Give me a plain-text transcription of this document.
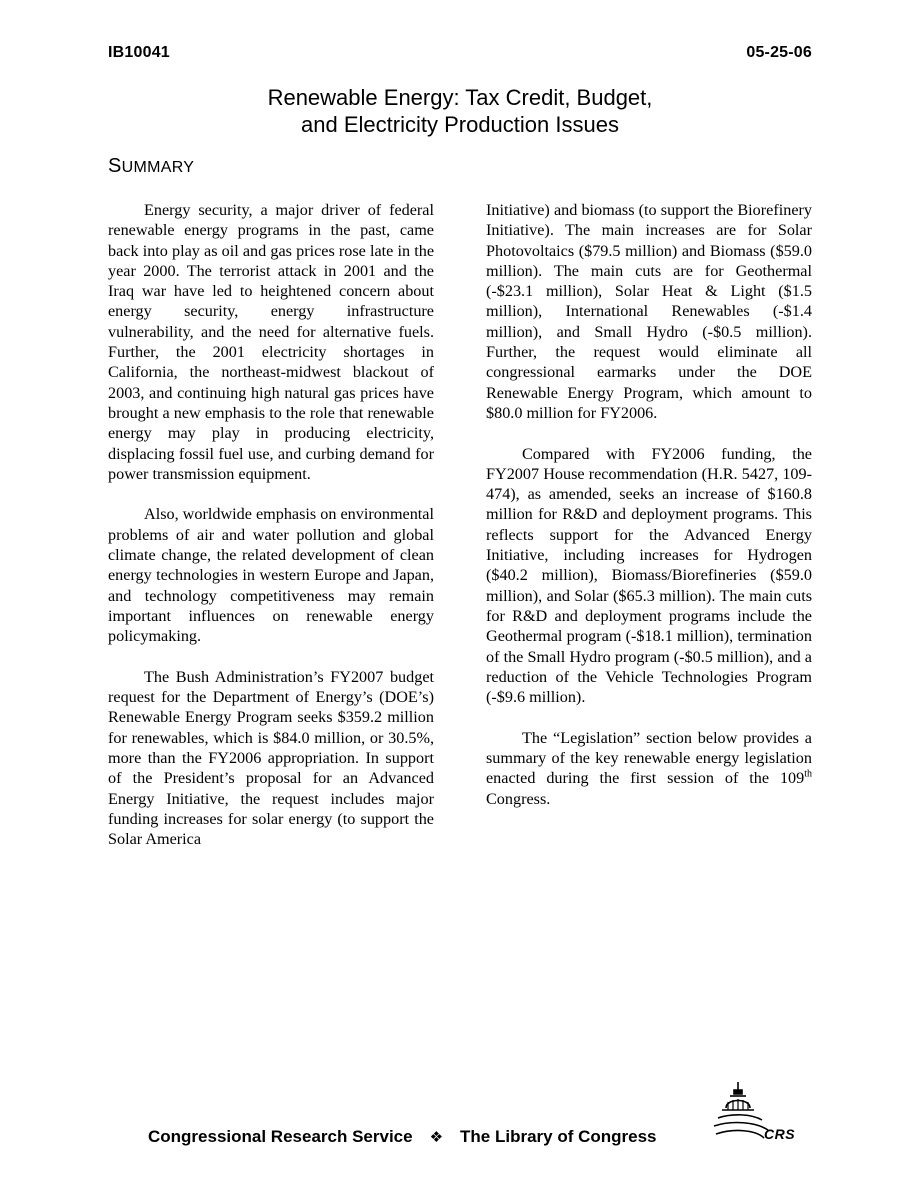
IB10041	05-25-06
Renewable Energy: Tax Credit, Budget,
and Electricity Production Issues
SUMMARY

Energy security, a major driver of federal renewable energy programs in the past, came back into play as oil and gas prices rose late in the year 2000. The terrorist attack in 2001 and the Iraq war have led to heightened concern about energy security, energy infrastructure vulnerability, and the need for alternative fuels. Further, the 2001 electricity shortages in California, the northeast-midwest blackout of 2003, and continuing high natural gas prices have brought a new emphasis to the role that renewable energy may play in producing electricity, displacing fossil fuel use, and curbing demand for power transmission equipment.

Also, worldwide emphasis on environmental problems of air and water pollution and global climate change, the related development of clean energy technologies in western Europe and Japan, and technology competitiveness may remain important influences on renewable energy policymaking.

The Bush Administration’s FY2007 budget request for the Department of Energy’s (DOE’s) Renewable Energy Program seeks $359.2 million for renewables, which is $84.0 million, or 30.5%, more than the FY2006 appropriation. In support of the President’s proposal for an Advanced Energy Initiative, the request includes major funding increases for solar energy (to support the Solar America

Initiative) and biomass (to support the Biorefinery Initiative). The main increases are for Solar Photovoltaics ($79.5 million) and Biomass ($59.0 million). The main cuts are for Geothermal (-$23.1 million), Solar Heat & Light ($1.5 million), International Renewables (-$1.4 million), and Small Hydro (-$0.5 million). Further, the request would eliminate all congressional earmarks under the DOE Renewable Energy Program, which amount to $80.0 million for FY2006.

Compared with FY2006 funding, the FY2007 House recommendation (H.R. 5427, 109-474), as amended, seeks an increase of $160.8 million for R&D and deployment programs. This reflects support for the Advanced Energy Initiative, including increases for Hydrogen ($40.2 million), Biomass/Biorefineries ($59.0 million), and Solar ($65.3 million). The main cuts for R&D and deployment programs include the Geothermal program (-$18.1 million), termination of the Small Hydro program (-$0.5 million), and a reduction of the Vehicle Technologies Program (-$9.6 million).

The “Legislation” section below provides a summary of the key renewable energy legislation enacted during the first session of the 109th Congress.

Congressional Research Service ❖ The Library of Congress	CRS
